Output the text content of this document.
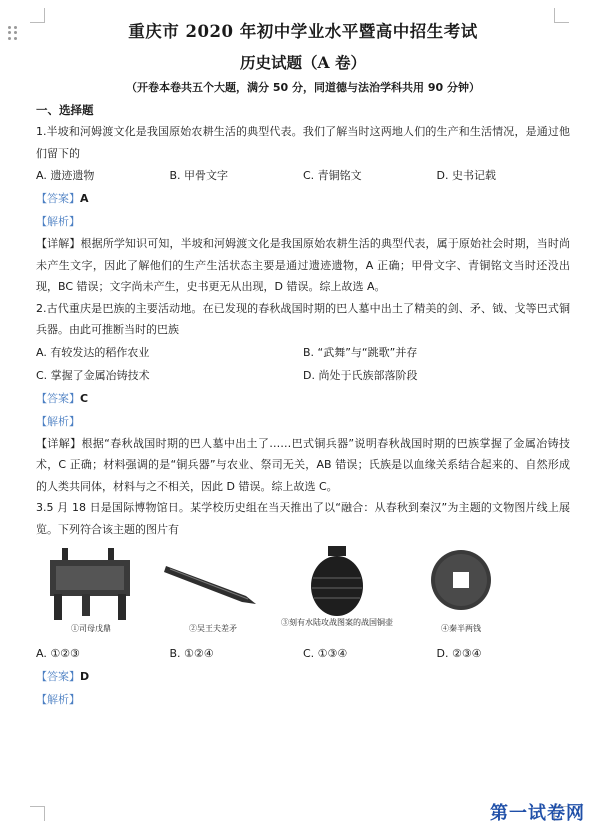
重庆市 2020 年初中学业水平暨高中招生考试
历史试题（A 卷）
（开卷本卷共五个大题，满分 50 分，同道德与法治学科共用 90 分钟）
一、选择题

1.半坡和河姆渡文化是我国原始农耕生活的典型代表。我们了解当时这两地人们的生产和生活情况，是通过他们留下的

A. 遗迹遗物	B. 甲骨文字	C. 青铜铭文	D. 史书记载
【答案】A
【解析】

【详解】根据所学知识可知，半坡和河姆渡文化是我国原始农耕生活的典型代表，属于原始社会时期，当时尚未产生文字，因此了解他们的生产生活状态主要是通过遗迹遗物，A 正确；甲骨文字、青铜铭文当时还没出现，BC 错误；文字尚未产生，史书更无从出现，D 错误。综上故选 A。

2.古代重庆是巴族的主要活动地。在已发现的春秋战国时期的巴人墓中出土了精美的剑、矛、钺、戈等巴式铜兵器。由此可推断当时的巴族

A. 有较发达的稻作农业	B. “武舞”与“跳歌”并存
C. 掌握了金属冶铸技术	D. 尚处于氏族部落阶段
【答案】C
【解析】

【详解】根据“春秋战国时期的巴人墓中出土了……巴式铜兵器”说明春秋战国时期的巴族掌握了金属冶铸技术，C 正确；材料强调的是“铜兵器”与农业、祭司无关，AB 错误；氏族是以血缘关系结合起来的、自然形成的人类共同体，材料与之不相关，因此 D 错误。综上故选 C。

3.5 月 18 日是国际博物馆日。某学校历史组在当天推出了以“融合：从春秋到秦汉”为主题的文物图片线上展览。下列符合该主题的图片有

①司母戊鼎	②吴王夫差矛
③刻有水陆攻战图案的战国铜壶
④秦半两钱
A. ①②③	B. ①②④	C. ①③④	D. ②③④
【答案】D
【解析】
第一试卷网
